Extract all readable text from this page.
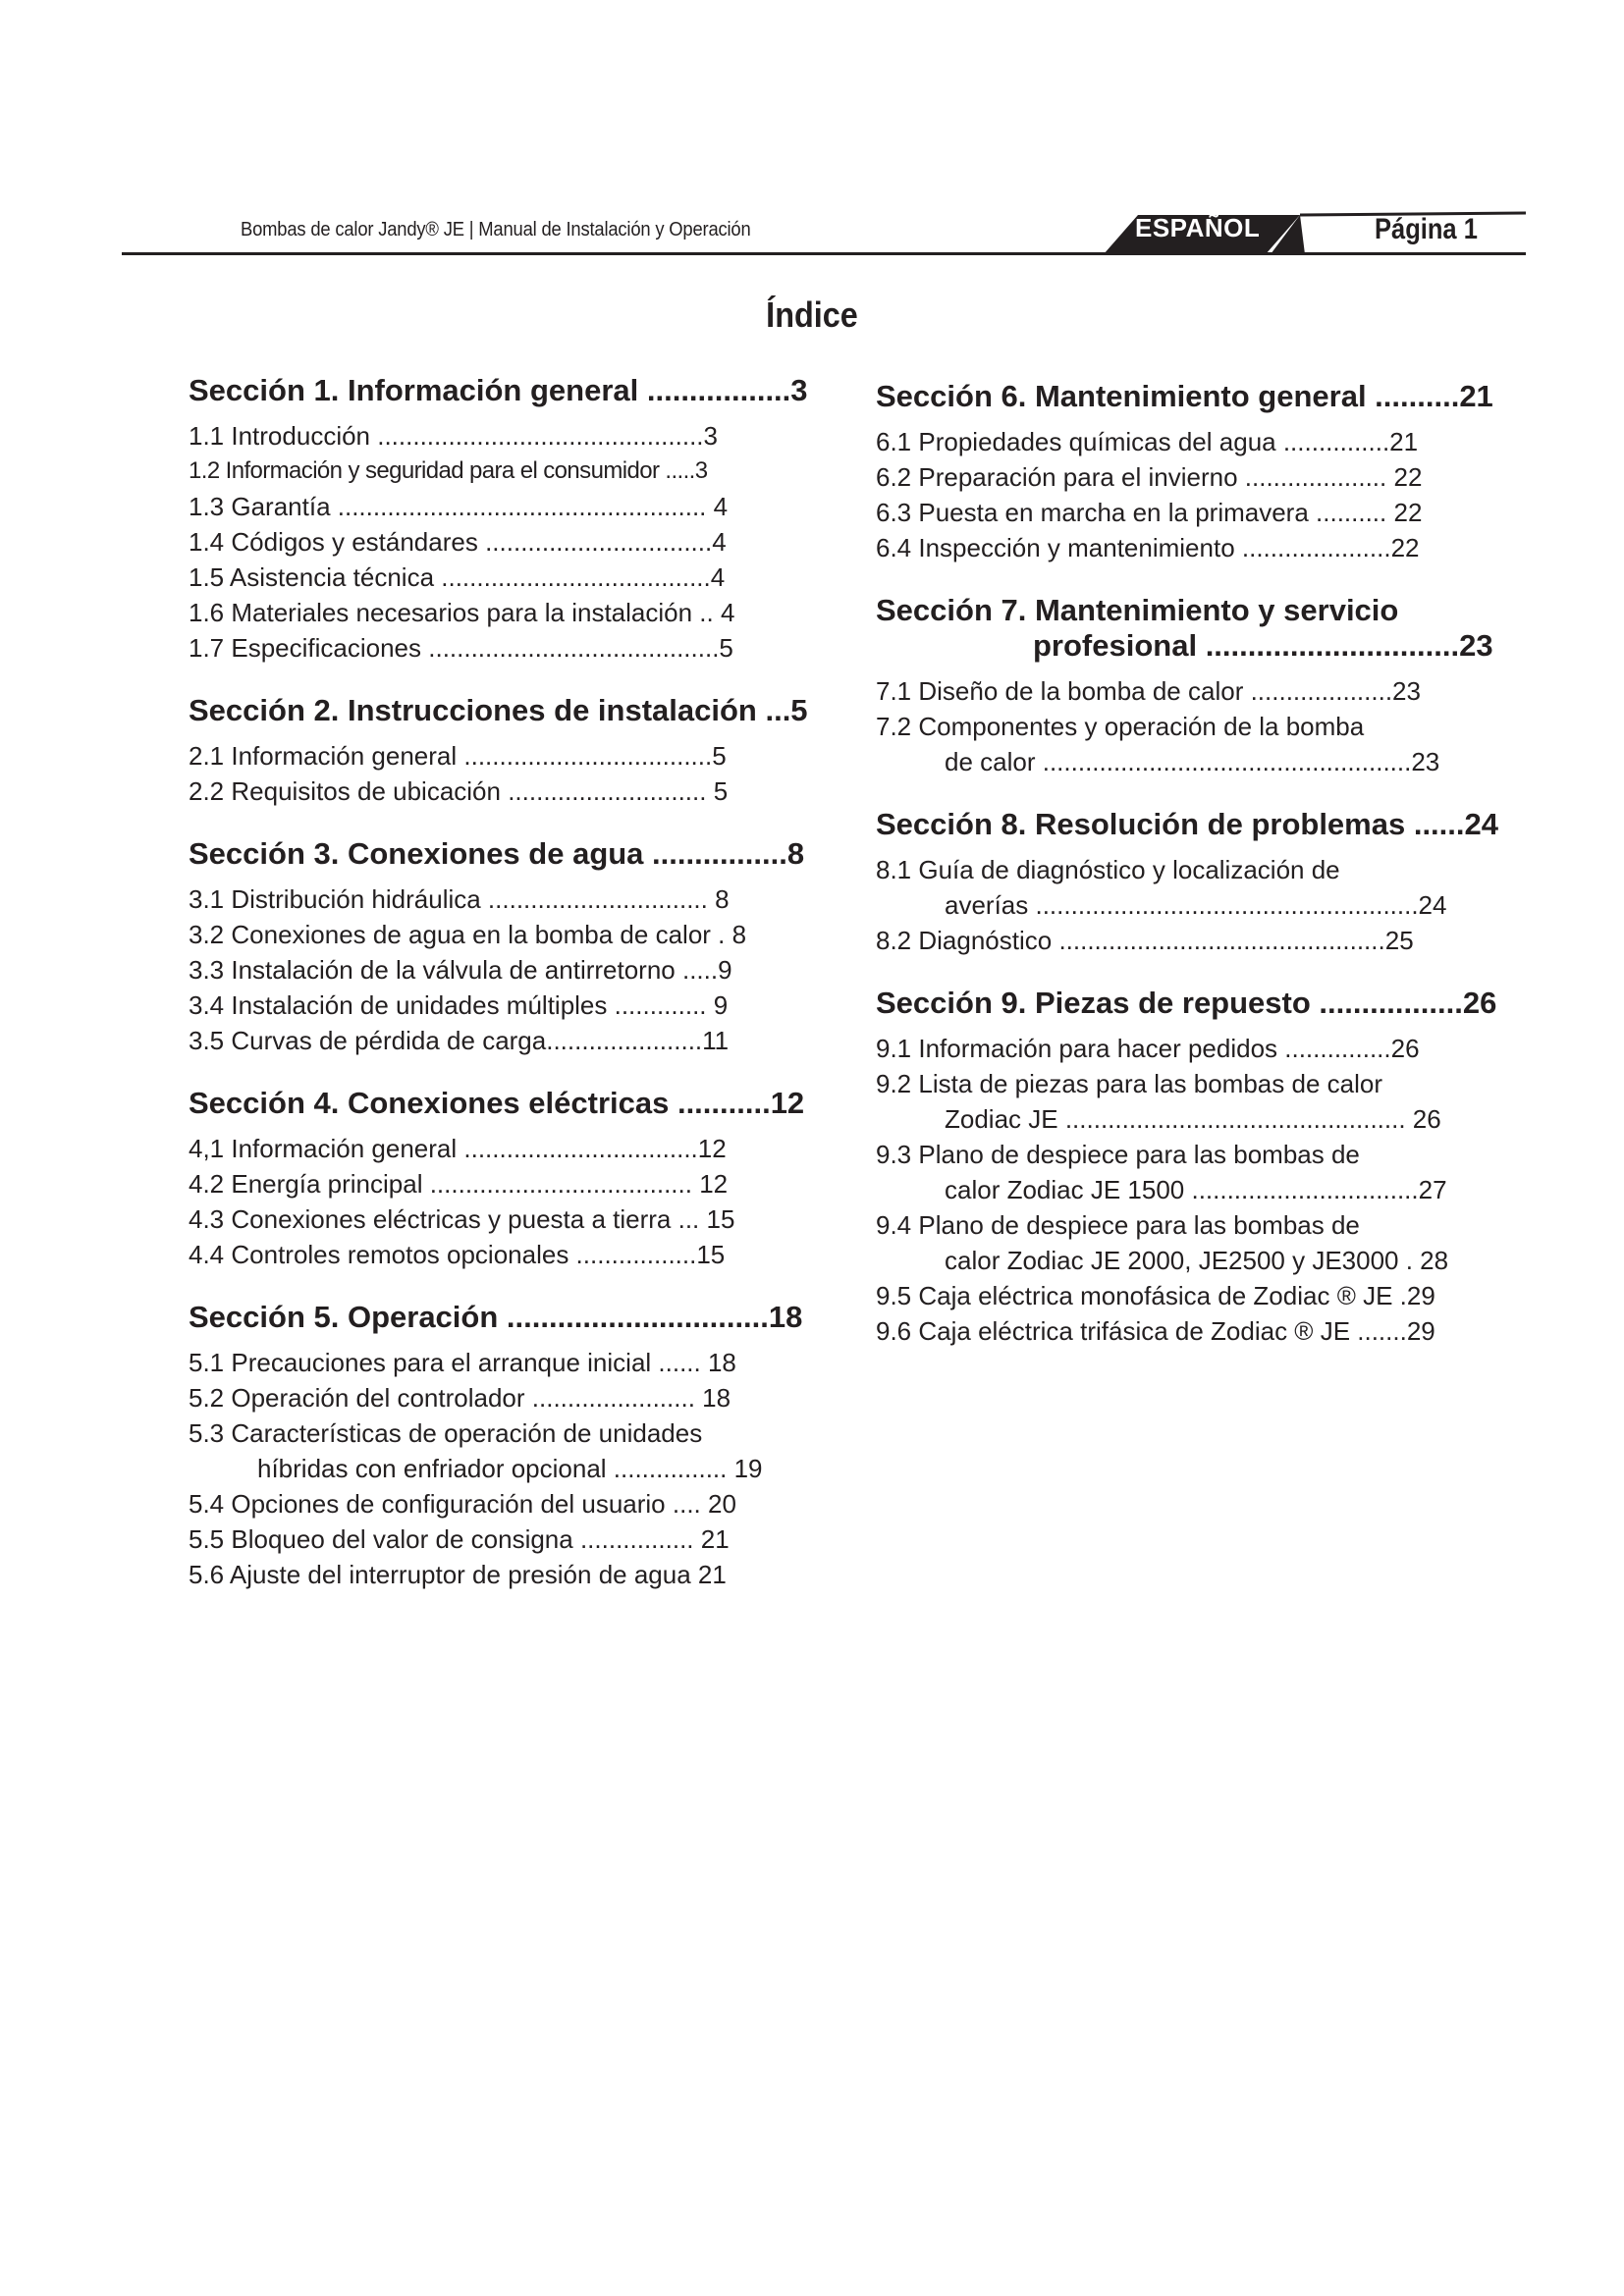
Bombas de calor Jandy® JE | Manual de Instalación y Operación	ESPAÑOL	Página 1
Índice
Sección 1. Información general .................3
1.1 Introducción ..............................................3
1.2 Información y seguridad para el consumidor .....3
1.3 Garantía .................................................... 4
1.4 Códigos y estándares ................................4
1.5 Asistencia técnica ......................................4
1.6 Materiales necesarios para la instalación .. 4
1.7 Especificaciones .........................................5
Sección 2. Instrucciones de instalación ...5
2.1 Información general ...................................5
2.2 Requisitos de ubicación ............................ 5
Sección 3. Conexiones de agua ................8
3.1 Distribución hidráulica ............................... 8
3.2 Conexiones de agua en la bomba de calor . 8
3.3 Instalación de la válvula de antirretorno .....9
3.4 Instalación de unidades múltiples ............. 9
3.5 Curvas de pérdida de carga......................11
Sección 4. Conexiones eléctricas ...........12
4,1 Información general .................................12
4.2 Energía principal ..................................... 12
4.3 Conexiones eléctricas y puesta a tierra ... 15
4.4 Controles remotos opcionales .................15
Sección 5. Operación ...............................18
5.1 Precauciones para el arranque inicial ...... 18
5.2 Operación del controlador ....................... 18
5.3 Características de operación de unidades
híbridas con enfriador opcional ................ 19
5.4 Opciones de configuración del usuario .... 20
5.5 Bloqueo del valor de consigna ................ 21
5.6 Ajuste del interruptor de presión de agua 21
Sección 6. Mantenimiento general ..........21
6.1 Propiedades químicas del agua ...............21
6.2 Preparación para el invierno .................... 22
6.3 Puesta en marcha en la primavera .......... 22
6.4 Inspección y mantenimiento .....................22
Sección 7. Mantenimiento y servicio
profesional ..............................23
7.1 Diseño de la bomba de calor ....................23
7.2 Componentes y operación de la bomba
de calor ....................................................23
Sección 8. Resolución de problemas ......24
8.1 Guía de diagnóstico y localización de
averías ......................................................24
8.2 Diagnóstico ..............................................25
Sección 9. Piezas de repuesto .................26
9.1 Información para hacer pedidos ...............26
9.2 Lista de piezas para las bombas de calor
Zodiac JE ................................................ 26
9.3 Plano de despiece para las bombas de
calor Zodiac JE 1500 ................................27
9.4 Plano de despiece para las bombas de
calor Zodiac JE 2000, JE2500 y JE3000 . 28
9.5 Caja eléctrica monofásica de Zodiac ® JE .29
9.6 Caja eléctrica trifásica de Zodiac ® JE .......29
